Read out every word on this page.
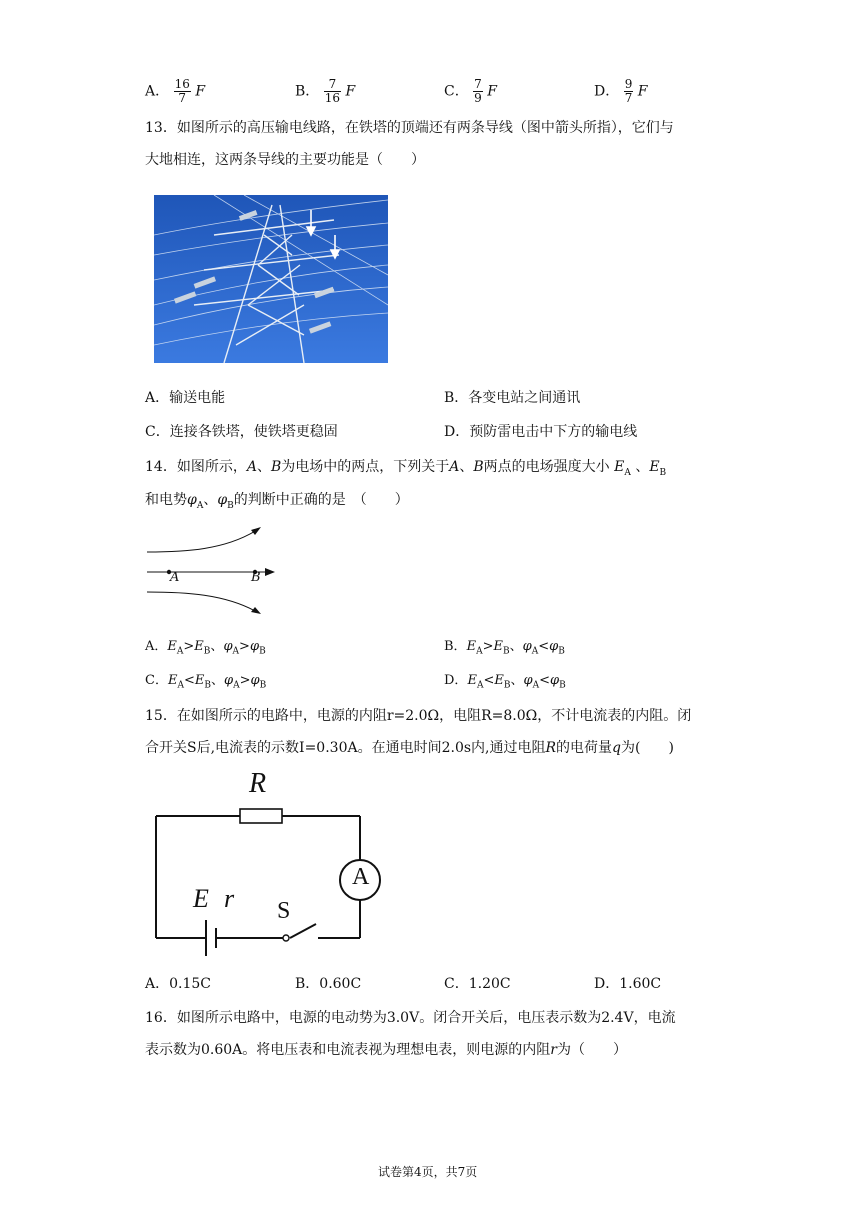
A． $\frac{16}{7}$ F	B． $\frac{7}{16}$ F	C． $\frac{7}{9}$ F	D． $\frac{9}{7}$ F
13．如图所示的高压输电线路，在铁塔的顶端还有两条导线（图中箭头所指），它们与
大地相连，这两条导线的主要功能是（　　）
A．输送电能	B．各变电站之间通讯
C．连接各铁塔，使铁塔更稳固	D．预防雷电击中下方的输电线
14．如图所示，A、B为电场中的两点，下列关于A、B两点的电场强度大小 $E_A$ 、$E_B$
和电势$\varphi_A$、$\varphi_B$的判断中正确的是　（　　）
A	B
A．$E_A>E_B$、$\varphi_A>\varphi_B$	B．$E_A>E_B$、$\varphi_A<\varphi_B$
C．$E_A<E_B$、$\varphi_A>\varphi_B$	D．$E_A<E_B$、$\varphi_A<\varphi_B$
15．在如图所示的电路中，电源的内阻r=2.0Ω，电阻R=8.0Ω，不计电流表的内阻。闭
合开关S后,电流表的示数I=0.30A。在通电时间2.0s内,通过电阻R的电荷量q为(　　)
R
A
E r S
A．0.15C	B．0.60C	C．1.20C	D．1.60C
16．如图所示电路中，电源的电动势为3.0V。闭合开关后，电压表示数为2.4V，电流
表示数为0.60A。将电压表和电流表视为理想电表，则电源的内阻r为（　　）
试卷第4页，共7页
